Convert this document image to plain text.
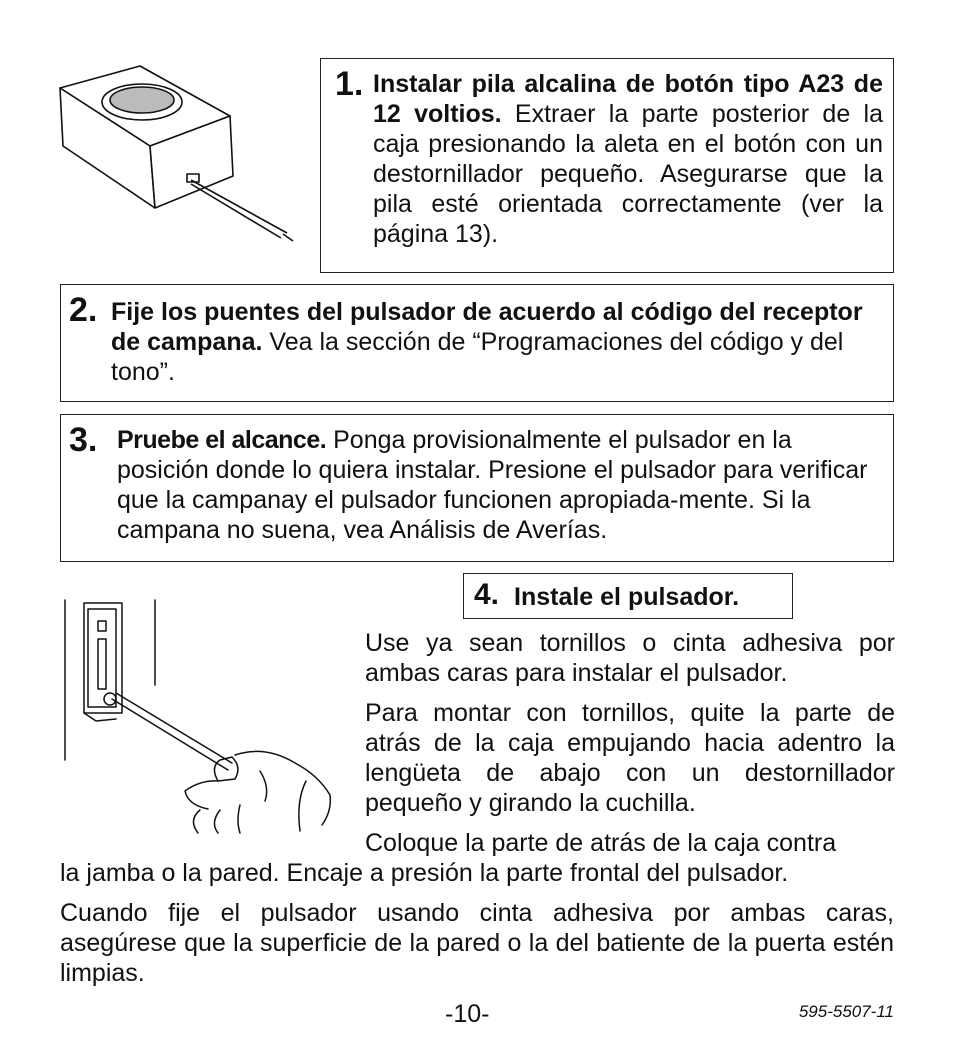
1. Instalar pila alcalina de botón tipo A23 de 12 voltios. Extraer la parte posterior de la caja presionando la aleta en el botón con un destornillador pequeño. Asegurarse que la pila esté orientada correctamente (ver la página 13).
2. Fije los puentes del pulsador de acuerdo al código del receptor de campana. Vea la sección de “Programaciones del código y del tono”.
3. Pruebe el alcance. Ponga provisionalmente el pulsador en la posición donde lo quiera instalar. Presione el pulsador para verificar que la campanay el pulsador funcionen apropiada-mente. Si la campana no suena, vea Análisis de Averías.
4. Instale el pulsador.
Use ya sean tornillos o cinta adhesiva por ambas caras para instalar el pulsador.
Para montar con tornillos, quite la parte de atrás de la caja empujando hacia adentro la lengüeta de abajo con un destornillador pequeño y girando la cuchilla.
Coloque la parte de atrás de la caja contra
la jamba o la pared. Encaje a presión la parte frontal del pulsador.
Cuando fije el pulsador usando cinta adhesiva por ambas caras, asegúrese que la superficie de la pared o la del batiente de la puerta estén limpias.
-10-	595-5507-11
